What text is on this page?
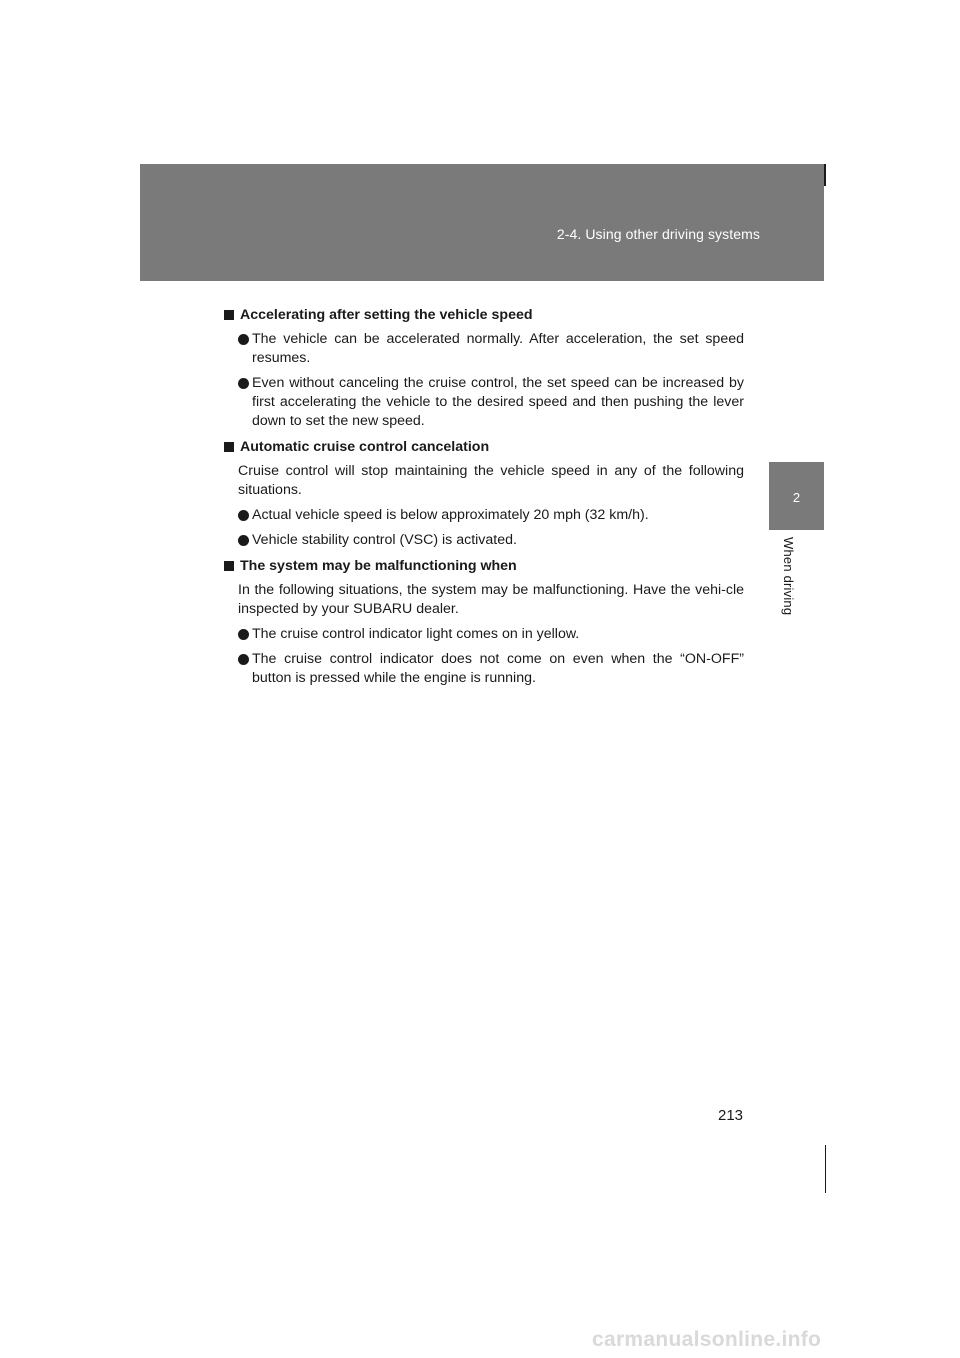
2-4. Using other driving systems
2
When driving
Accelerating after setting the vehicle speed
The vehicle can be accelerated normally. After acceleration, the set speed resumes.
Even without canceling the cruise control, the set speed can be increased by first accelerating the vehicle to the desired speed and then pushing the lever down to set the new speed.
Automatic cruise control cancelation
Cruise control will stop maintaining the vehicle speed in any of the following situations.
Actual vehicle speed is below approximately 20 mph (32 km/h).
Vehicle stability control (VSC) is activated.
The system may be malfunctioning when
In the following situations, the system may be malfunctioning. Have the vehi-cle inspected by your SUBARU dealer.
The cruise control indicator light comes on in yellow.
The cruise control indicator does not come on even when the “ON-OFF” button is pressed while the engine is running.
213
carmanualsonline.info
